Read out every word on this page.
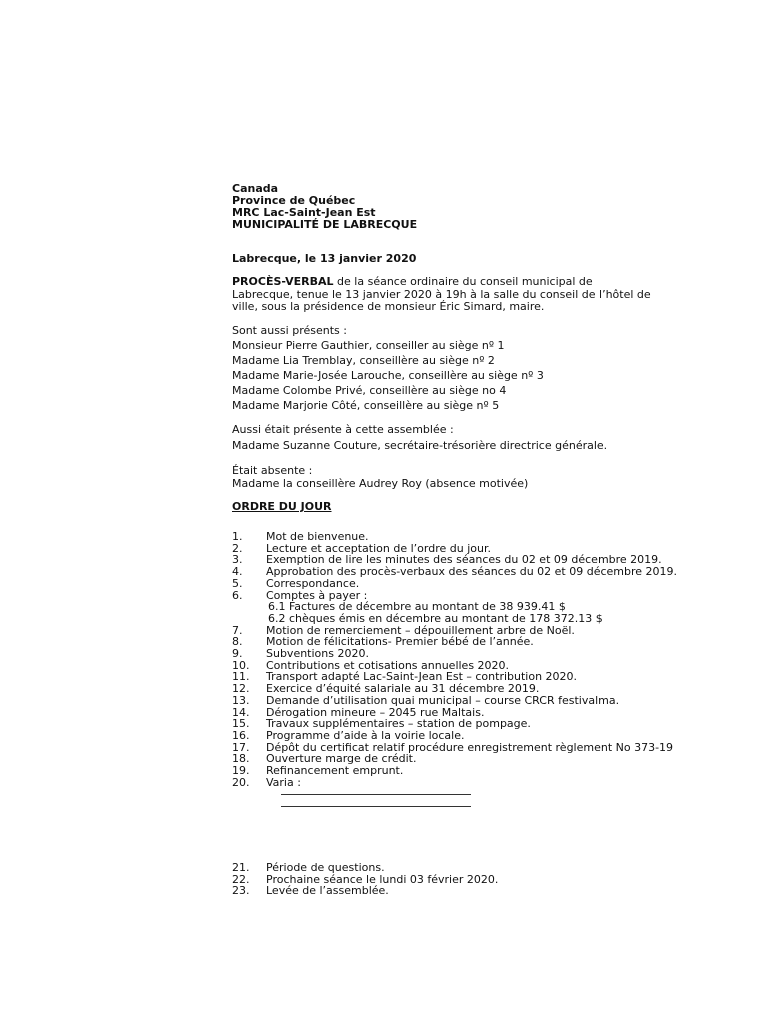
Canada
Province de Québec
MRC Lac-Saint-Jean Est
MUNICIPALITÉ DE LABRECQUE
Labrecque, le 13 janvier 2020
PROCÈS-VERBAL de la séance ordinaire du conseil municipal de Labrecque, tenue le 13 janvier 2020 à 19h à la salle du conseil de l’hôtel de ville, sous la présidence de monsieur Éric Simard, maire.
Sont aussi présents :
Monsieur Pierre Gauthier, conseiller au siège nº 1
Madame Lia Tremblay, conseillère au siège nº 2
Madame Marie-Josée Larouche, conseillère au siège nº 3
Madame Colombe Privé, conseillère au siège no 4
Madame Marjorie Côté, conseillère au siège nº 5
Aussi était présente à cette assemblée :
Madame Suzanne Couture, secrétaire-trésorière directrice générale.
Était absente :
Madame la conseillère Audrey Roy (absence motivée)
ORDRE DU JOUR
1.	Mot de bienvenue.
2.	Lecture et acceptation de l’ordre du jour.
3.	Exemption de lire les minutes des séances du 02 et 09 décembre 2019.
4.	Approbation des procès-verbaux des séances du 02 et 09 décembre 2019.
5.	Correspondance.
6.	Comptes à payer :
6.1 Factures de décembre au montant de 38 939.41 $
6.2 chèques émis en décembre au montant de 178 372.13 $
7.	Motion de remerciement – dépouillement arbre de Noël.
8.	Motion de félicitations- Premier bébé de l’année.
9.	Subventions 2020.
10.	Contributions et cotisations annuelles 2020.
11.	Transport adapté Lac-Saint-Jean Est – contribution 2020.
12.	Exercice d’équité salariale au 31 décembre 2019.
13.	Demande d’utilisation quai municipal – course CRCR festivalma.
14.	Dérogation mineure – 2045 rue Maltais.
15.	Travaux supplémentaires – station de pompage.
16.	Programme d’aide à la voirie locale.
17.	Dépôt du certificat relatif procédure enregistrement règlement No 373-19
18.	Ouverture marge de crédit.
19.	Refinancement emprunt.
20.	Varia :
21.	Période de questions.
22.	Prochaine séance le lundi 03 février 2020.
23.	Levée de l’assemblée.
